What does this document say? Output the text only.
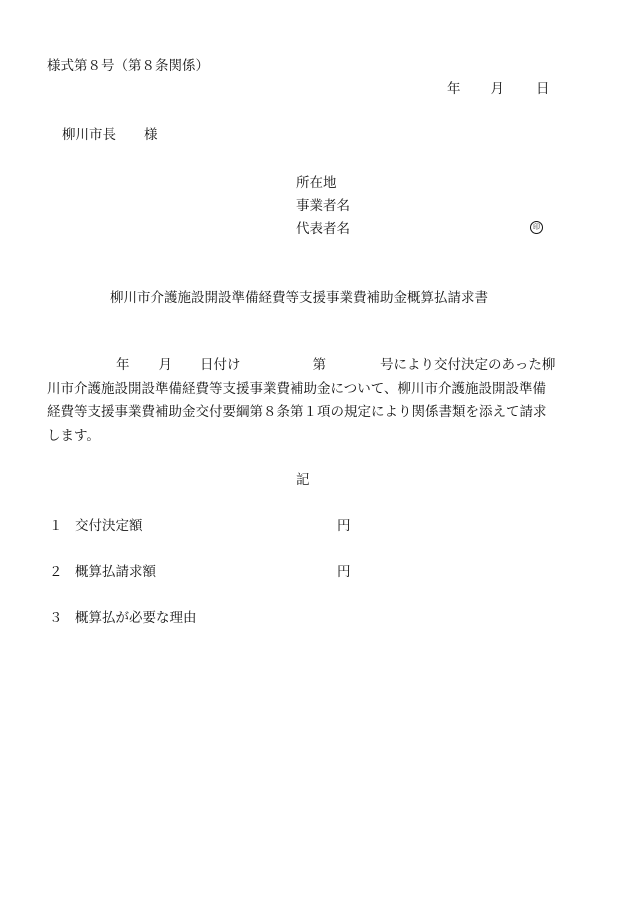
様式第８号（第８条関係）
年 月 日
柳川市長 様
所在地
事業者名
代表者名	印
柳川市介護施設開設準備経費等支援事業費補助金概算払請求書
年 月 日付け	第	号により交付決定のあった柳
川市介護施設開設準備経費等支援事業費補助金について、柳川市介護施設開設準備
経費等支援事業費補助金交付要綱第８条第１項の規定により関係書類を添えて請求
します。
記
１ 交付決定額	円
２ 概算払請求額	円
３ 概算払が必要な理由
